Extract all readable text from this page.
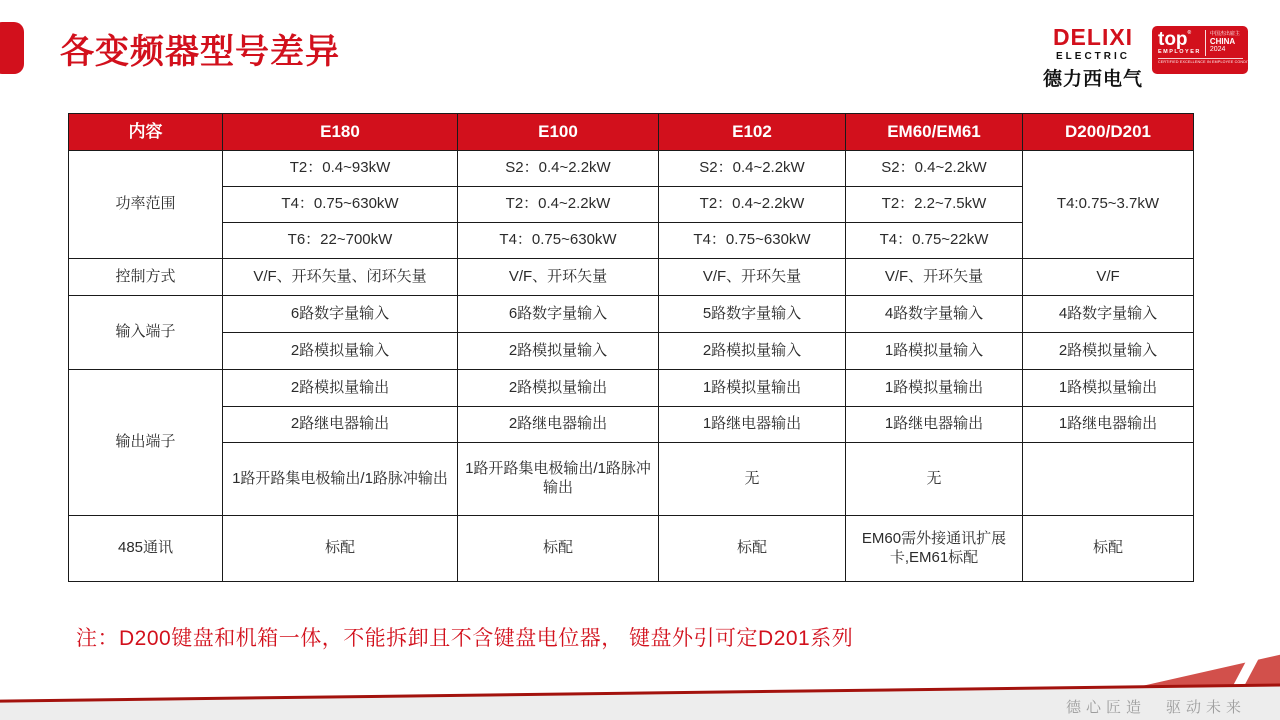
各变频器型号差异	DELIXI
ELECTRIC
德力西电气
top®
EMPLOYER
中国杰出雇主
CHINA
2024
CERTIFIED EXCELLENCE IN EMPLOYEE CONDITIONS
内容	E180	E100	E102	EM60/EM61	D200/D201
功率范围	T2：0.4~93kW	S2：0.4~2.2kW	S2：0.4~2.2kW	S2：0.4~2.2kW	T4:0.75~3.7kW
	T4：0.75~630kW	T2：0.4~2.2kW	T2：0.4~2.2kW	T2：2.2~7.5kW	
	T6：22~700kW	T4：0.75~630kW	T4：0.75~630kW	T4：0.75~22kW	
控制方式	V/F、开环矢量、闭环矢量	V/F、开环矢量	V/F、开环矢量	V/F、开环矢量	V/F
输入端子	6路数字量输入	6路数字量输入	5路数字量输入	4路数字量输入	4路数字量输入
	2路模拟量输入	2路模拟量输入	2路模拟量输入	1路模拟量输入	2路模拟量输入
输出端子	2路模拟量输出	2路模拟量输出	1路模拟量输出	1路模拟量输出	1路模拟量输出
	2路继电器输出	2路继电器输出	1路继电器输出	1路继电器输出	1路继电器输出
	1路开路集电极输出/1路脉冲输出	1路开路集电极输出/1路脉冲输出	无	无	
485通讯	标配	标配	标配	EM60需外接通讯扩展卡,EM61标配	标配
注：D200键盘和机箱一体，不能拆卸且不含键盘电位器， 键盘外引可定D201系列
德心匠造　驱动未来
